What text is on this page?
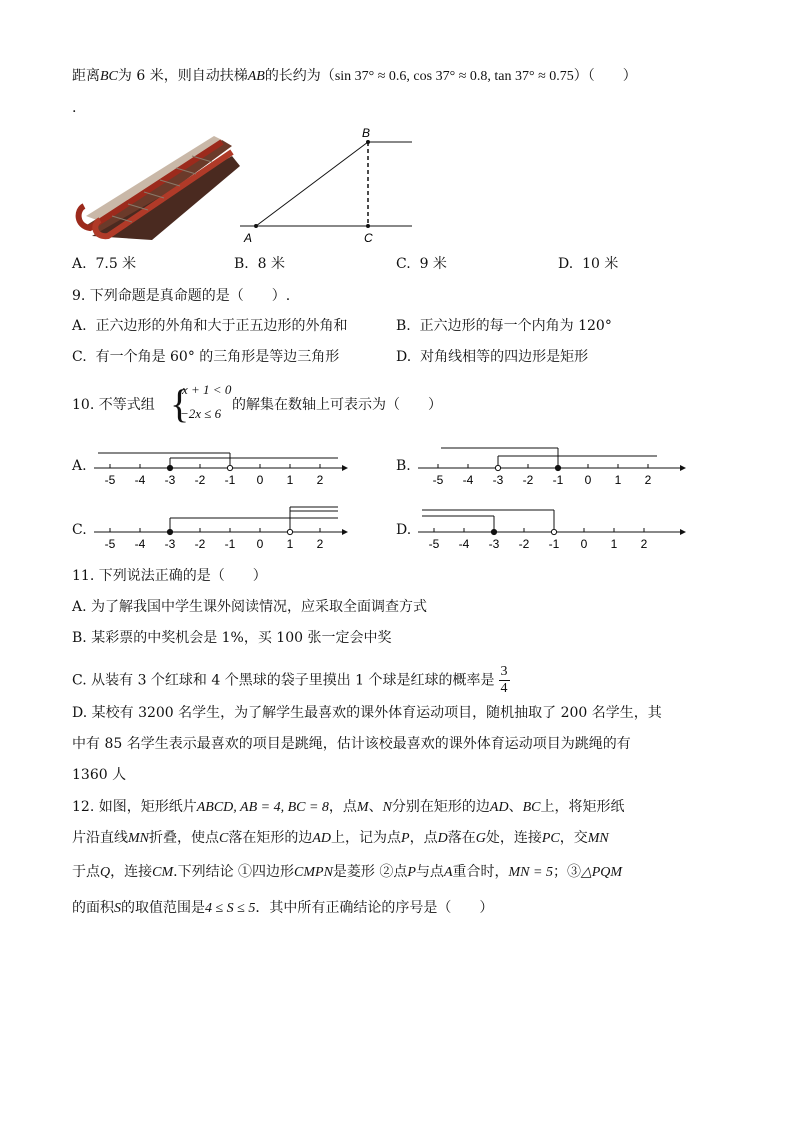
距离BC为 6 米，则自动扶梯AB的长约为（sin 37° ≈ 0.6, cos 37° ≈ 0.8, tan 37° ≈ 0.75）（　　）
.
B
A	C
A. 7.5 米	B. 8 米	C. 9 米	D. 10 米
9. 下列命题是真命题的是（　　）.
A. 正六边形的外角和大于正五边形的外角和	B. 正六边形的每一个内角为 120°
C. 有一个角是 60° 的三角形是等边三角形	D. 对角线相等的四边形是矩形
10. 不等式组 {
x + 1 < 0
−2x ≤ 6
的解集在数轴上可表示为（　　）
A.
-5 -4 -3 -2 -1 0 1 2
B.
-5 -4 -3 -2 -1 0 1 2
C.
-5 -4 -3 -2 -1 0 1 2
D.
-5 -4 -3 -2 -1 0 1 2
11. 下列说法正确的是（　　）
A. 为了解我国中学生课外阅读情况，应采取全面调查方式
B. 某彩票的中奖机会是 1%，买 100 张一定会中奖
C. 从装有 3 个红球和 4 个黑球的袋子里摸出 1 个球是红球的概率是 $\frac{3}{4}$
D. 某校有 3200 名学生，为了解学生最喜欢的课外体育运动项目，随机抽取了 200 名学生，其
中有 85 名学生表示最喜欢的项目是跳绳，估计该校最喜欢的课外体育运动项目为跳绳的有
1360 人
12. 如图，矩形纸片ABCD, AB = 4, BC = 8，点M、N分别在矩形的边AD、BC上，将矩形纸
片沿直线MN折叠，使点C落在矩形的边AD上，记为点P，点D落在G处，连接PC，交MN
于点Q，连接CM.下列结论 ①四边形CMPN是菱形 ②点P与点A重合时，MN = 5；③△PQM
的面积S的取值范围是4 ≤ S ≤ 5．其中所有正确结论的序号是（　　）
